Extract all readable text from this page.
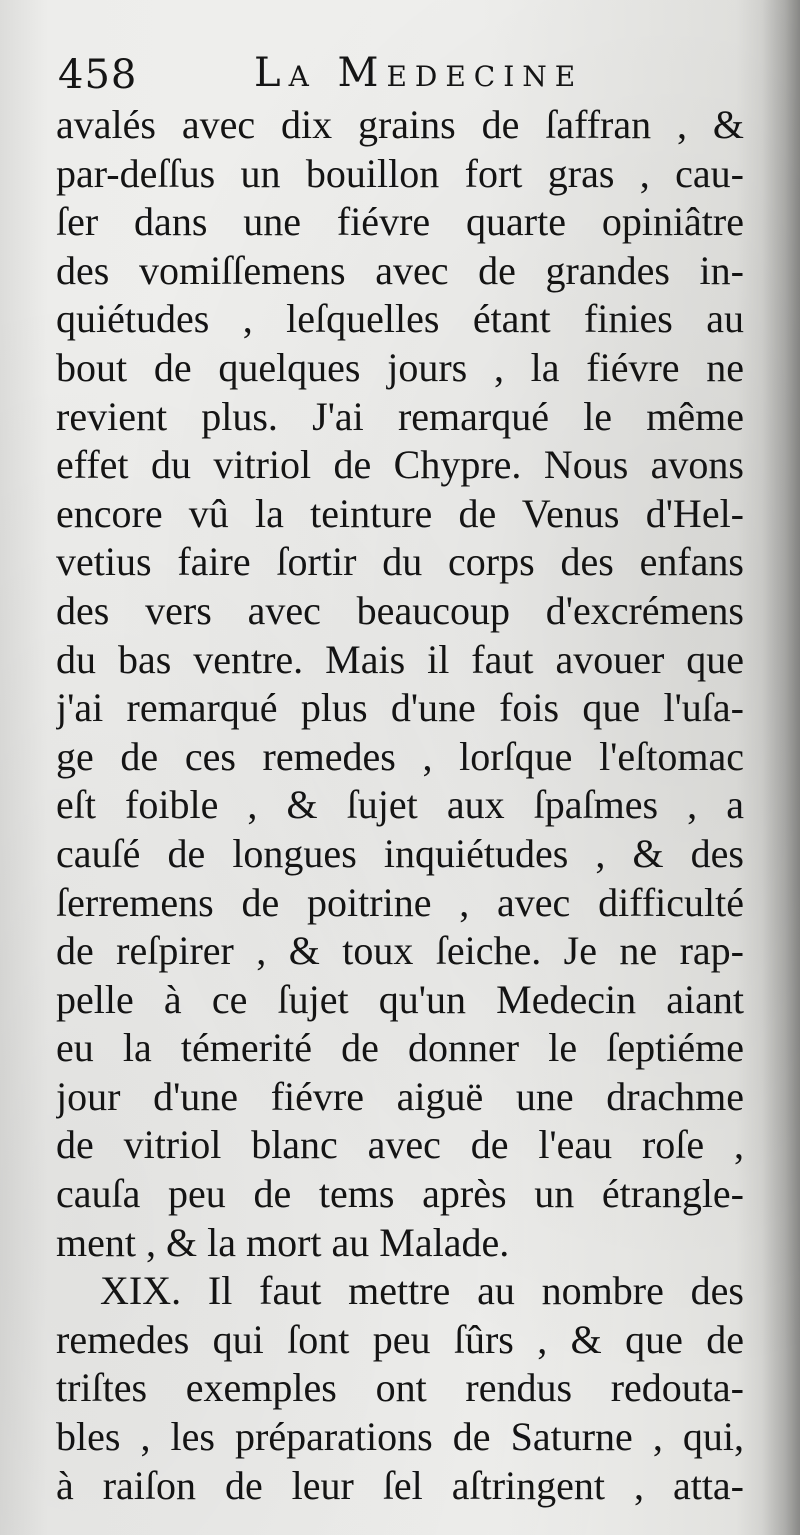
458	La Medecine
avalés avec dix grains de ſaffran , &
par-deſſus un bouillon fort gras , cau-
ſer dans une fiévre quarte opiniâtre
des vomiſſemens avec de grandes in-
quiétudes , leſquelles étant finies au
bout de quelques jours , la fiévre ne
revient plus. J'ai remarqué le même
effet du vitriol de Chypre. Nous avons
encore vû la teinture de Venus d'Hel-
vetius faire ſortir du corps des enfans
des vers avec beaucoup d'excrémens
du bas ventre. Mais il faut avouer que
j'ai remarqué plus d'une fois que l'uſa-
ge de ces remedes , lorſque l'eſtomac
eſt foible , & ſujet aux ſpaſmes , a
cauſé de longues inquiétudes , & des
ſerremens de poitrine , avec difficulté
de reſpirer , & toux ſeiche. Je ne rap-
pelle à ce ſujet qu'un Medecin aiant
eu la témerité de donner le ſeptiéme
jour d'une fiévre aiguë une drachme
de vitriol blanc avec de l'eau roſe ,
cauſa peu de tems après un étrangle-
ment , & la mort au Malade.
XIX. Il faut mettre au nombre des
remedes qui ſont peu ſûrs , & que de
triſtes exemples ont rendus redouta-
bles , les préparations de Saturne , qui,
à raiſon de leur ſel aſtringent , atta-
